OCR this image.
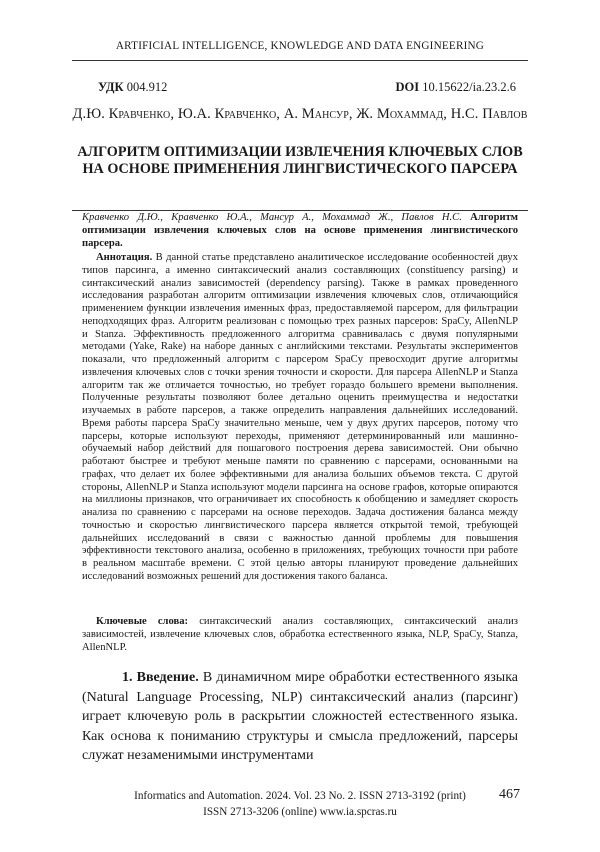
ARTIFICIAL INTELLIGENCE, KNOWLEDGE AND DATA ENGINEERING
УДК 004.912	DOI 10.15622/ia.23.2.6
Д.Ю. Кравченко, Ю.А. Кравченко, А. Мансур, Ж. Мохаммад, Н.С. Павлов
АЛГОРИТМ ОПТИМИЗАЦИИ ИЗВЛЕЧЕНИЯ КЛЮЧЕВЫХ СЛОВ НА ОСНОВЕ ПРИМЕНЕНИЯ ЛИНГВИСТИЧЕСКОГО ПАРСЕРА
Кравченко Д.Ю., Кравченко Ю.А., Мансур А., Мохаммад Ж., Павлов Н.С. Алгоритм оптимизации извлечения ключевых слов на основе применения лингвистического парсера.
Аннотация. В данной статье представлено аналитическое исследование особенностей двух типов парсинга, а именно синтаксический анализ составляющих (constituency parsing) и синтаксический анализ зависимостей (dependency parsing). Также в рамках проведенного исследования разработан алгоритм оптимизации извлечения ключевых слов, отличающийся применением функции извлечения именных фраз, предоставляемой парсером, для фильтрации неподходящих фраз. Алгоритм реализован с помощью трех разных парсеров: SpaCy, AllenNLP и Stanza. Эффективность предложенного алгоритма сравнивалась с двумя популярными методами (Yake, Rake) на наборе данных с английскими текстами. Результаты экспериментов показали, что предложенный алгоритм с парсером SpaCy превосходит другие алгоритмы извлечения ключевых слов с точки зрения точности и скорости. Для парсера AllenNLP и Stanza алгоритм так же отличается точностью, но требует гораздо большего времени выполнения. Полученные результаты позволяют более детально оценить преимущества и недостатки изучаемых в работе парсеров, а также определить направления дальнейших исследований. Время работы парсера SpaCy значительно меньше, чем у двух других парсеров, потому что парсеры, которые используют переходы, применяют детерминированный или машинно-обучаемый набор действий для пошагового построения дерева зависимостей. Они обычно работают быстрее и требуют меньше памяти по сравнению с парсерами, основанными на графах, что делает их более эффективными для анализа больших объемов текста. С другой стороны, AllenNLP и Stanza используют модели парсинга на основе графов, которые опираются на миллионы признаков, что ограничивает их способность к обобщению и замедляет скорость анализа по сравнению с парсерами на основе переходов. Задача достижения баланса между точностью и скоростью лингвистического парсера является открытой темой, требующей дальнейших исследований в связи с важностью данной проблемы для повышения эффективности текстового анализа, особенно в приложениях, требующих точности при работе в реальном масштабе времени. С этой целью авторы планируют проведение дальнейших исследований возможных решений для достижения такого баланса.
Ключевые слова: синтаксический анализ составляющих, синтаксический анализ зависимостей, извлечение ключевых слов, обработка естественного языка, NLP, SpaCy, Stanza, AllenNLP.
1. Введение. В динамичном мире обработки естественного языка (Natural Language Processing, NLP) синтаксический анализ (парсинг) играет ключевую роль в раскрытии сложностей естественного языка. Как основа к пониманию структуры и смысла предложений, парсеры служат незаменимыми инструментами
Informatics and Automation. 2024. Vol. 23 No. 2. ISSN 2713-3192 (print)
ISSN 2713-3206 (online) www.ia.spcras.ru
467
